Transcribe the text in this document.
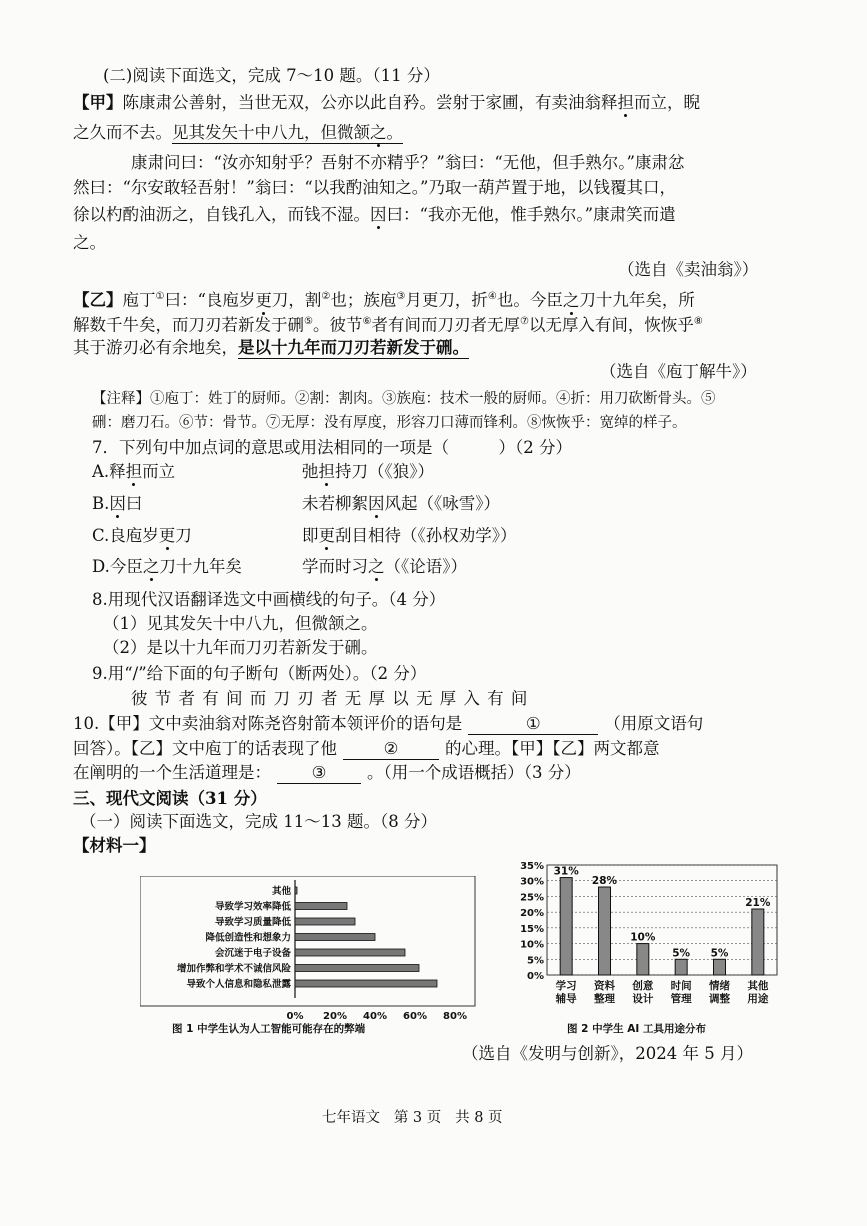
(二)阅读下面选文，完成 7～10 题。（11 分）
【甲】陈康肃公善射，当世无双，公亦以此自矜。尝射于家圃，有卖油翁释担而立，睨
之久而不去。见其发矢十中八九，但微颔之。
康肃问曰：“汝亦知射乎？吾射不亦精乎？”翁曰：“无他，但手熟尔。”康肃忿
然曰：“尔安敢轻吾射！”翁曰：“以我酌油知之。”乃取一葫芦置于地，以钱覆其口，
徐以杓酌油沥之，自钱孔入，而钱不湿。因曰：“我亦无他，惟手熟尔。”康肃笑而遣
之。
（选自《卖油翁》）
【乙】庖丁①曰：“良庖岁更刀，割②也；族庖③月更刀，折④也。今臣之刀十九年矣，所
解数千牛矣，而刀刃若新发于硎⑤。彼节⑥者有间而刀刃者无厚⑦以无厚入有间，恢恢乎⑧
其于游刃必有余地矣，是以十九年而刀刃若新发于硎。
（选自《庖丁解牛》）
【注释】①庖丁：姓丁的厨师。②割：割肉。③族庖：技术一般的厨师。④折：用刀砍断骨头。⑤
硎：磨刀石。⑥节：骨节。⑦无厚：没有厚度，形容刀口薄而锋利。⑧恢恢乎：宽绰的样子。
7．下列句中加点词的意思或用法相同的一项是（　　　）（2 分）
A.释担而立	弛担持刀（《狼》）
B.因曰	未若柳絮因风起（《咏雪》）
C.良庖岁更刀	即更刮目相待（《孙权劝学》）
D.今臣之刀十九年矣	学而时习之（《论语》）
8.用现代汉语翻译选文中画横线的句子。（4 分）
（1）见其发矢十中八九，但微颔之。
（2）是以十九年而刀刃若新发于硎。
9.用“/”给下面的句子断句（断两处）。（2 分）
彼 节 者 有 间 而 刀 刃 者 无 厚 以 无 厚 入 有 间
10.【甲】文中卖油翁对陈尧咨射箭本领评价的语句是	①	（用原文语句
回答）。【乙】文中庖丁的话表现了他	②	的心理。【甲】【乙】两文都意
在阐明的一个生活道理是： ③ 。（用一个成语概括）（3 分）
三、现代文阅读（31 分）
（一）阅读下面选文，完成 11～13 题。（8 分）
【材料一】
其他
导致学习效率降低
导致学习质量降低
降低创造性和想象力
会沉迷于电子设备
增加作弊和学术不诚信风险
导致个人信息和隐私泄露
0% 20% 40% 60% 80%
35%
30%
25%
20%
15%
10%
5%
0%
31%
学习
辅导
28%
资料
整理
10%
创意
设计
5%
时间
管理
5%
情绪
调整
21%
其他
用途
图 1 中学生认为人工智能可能存在的弊端	图 2 中学生 AI 工具用途分布
（选自《发明与创新》，2024 年 5 月）
七年语文 第 3 页 共 8 页
